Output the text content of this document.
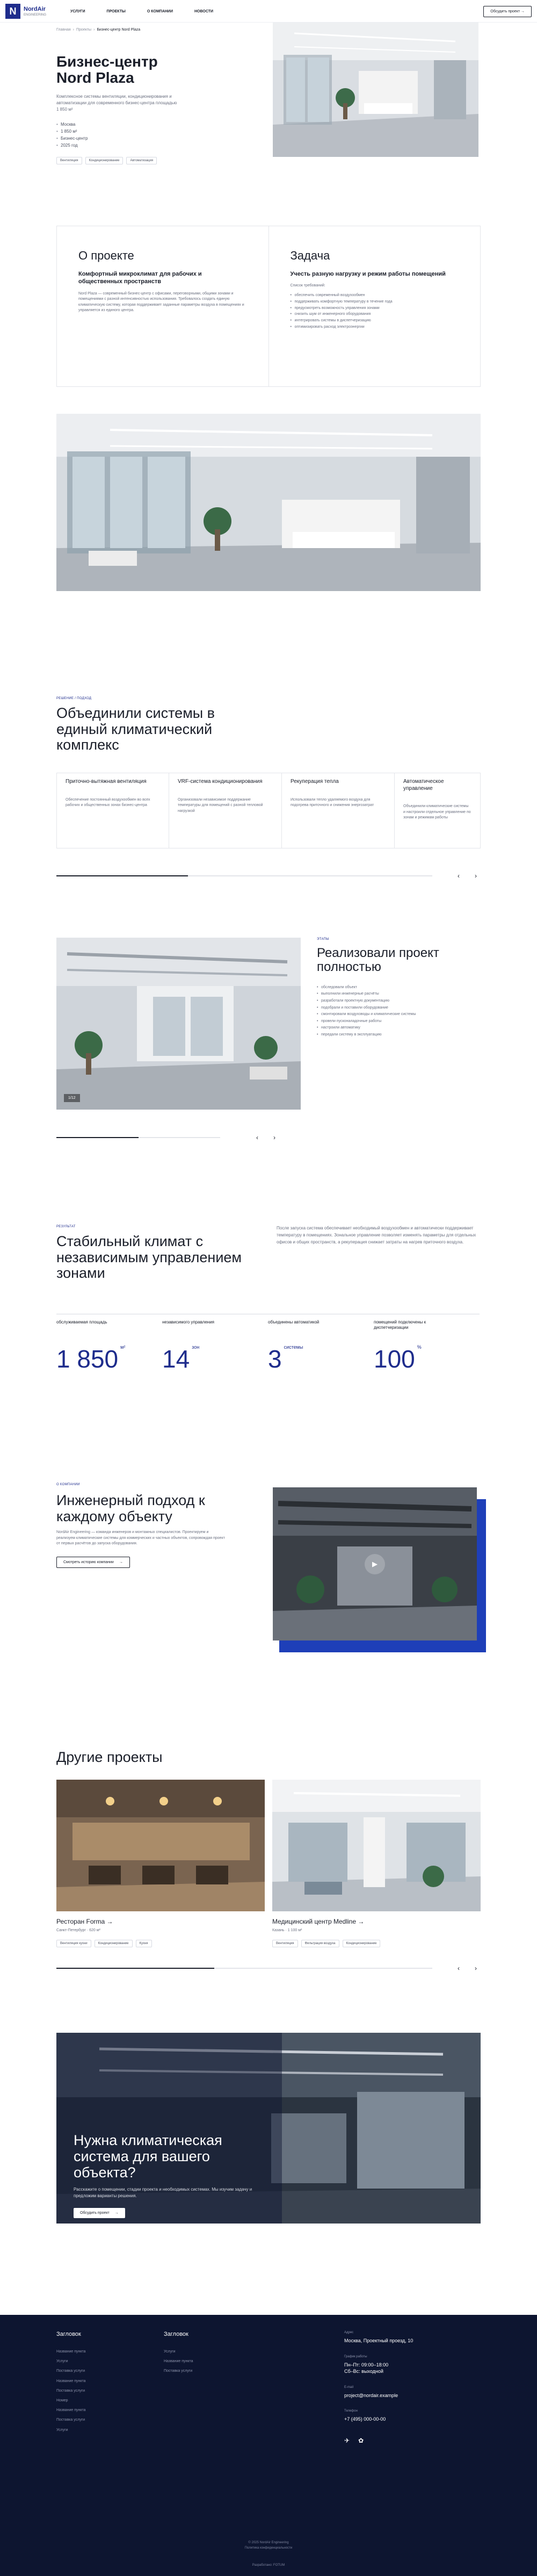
N	NordAir
ENGINEERING
УСЛУГИ	ПРОЕКТЫ	О КОМПАНИИ	НОВОСТИ	Обсудить проект →
Главная › Проекты › Бизнес-центр Nord Plaza
Бизнес-центр Nord Plaza

Комплексное системы вентиляции, кондиционирования и автоматизации для современного бизнес-центра площадью 1 850 м²

• Москва
• 1 850 м²
• Бизнес-центр
• 2025 год
Вентиляция	Кондиционирование	Автоматизация
О проекте

Комфортный микроклимат для рабочих и общественных пространств

Nord Plaza — современный бизнес-центр с офисами, переговорными, общими зонами и помещениями с разной интенсивностью использования. Требовалось создать единую климатическую систему, которая поддерживает заданные параметры воздуха в помещениях и управляется из единого центра.

Задача

Учесть разную нагрузку и режим работы помещений

Список требований:

• обеспечить современный воздухообмен
• поддерживать комфортную температуру в течение года
• предусмотреть возможность управления зонами
• снизить шум от инженерного оборудования
• интегрировать системы в диспетчеризацию
• оптимизировать расход электроэнергии
РЕШЕНИЕ / ПОДХОД
Объединили системы в единый климатический комплекс
Приточно-вытяжная вентиляция
Обеспечение постоянный воздухообмен во всех рабочих и общественных зонах бизнес-центра
VRF-система кондиционирования
Организовали независимое поддержание температуры для помещений с разной тепловой нагрузкой
Рекуперация тепла
Использовали тепло удаляемого воздуха для подогрева приточного и снижения энергозатрат
Автоматическое управление
Объединили климатические системы и настроили отдельное управление по зонам и режимам работы
‹	›
1/12
ЭТАПЫ
Реализовали проект полностью
• обследовали объект
• выполнили инженерные расчёты
• разработали проектную документацию
• подобрали и поставили оборудование
• смонтировали воздуховоды и климатические системы
• провели пусконаладочные работы
• настроили автоматику
• передали систему в эксплуатацию
‹	›
РЕЗУЛЬТАТ
Стабильный климат с независимым управлением зонами

После запуска система обеспечивает необходимый воздухообмен и автоматически поддерживает температуру в помещениях. Зональное управление позволяет изменять параметры для отдельных офисов и общих пространств, а рекуперация снижает затраты на нагрев приточного воздуха.

обслуживаемая площадь
1 850 $^{м^2}$
независимого управления
14 $^{зон}$
объединены автоматикой
3 $^{системы}$
помещений подключены к диспетчеризации
100 %
О КОМПАНИИ
Инженерный подход к каждому объекту

NordAir Engineering — команда инженеров и монтажных специалистов. Проектируем и реализуем климатические системы для коммерческих и частных объектов, сопровождая проект от первых расчётов до запуска оборудования.

Смотреть историю компании →	▶
Другие проекты
Ресторан Forma →
Санкт-Петербург · 620 м²
Вентиляция кухни	Кондиционирование	Кухня
Медицинский центр Medline →
Казань · 1 100 м²
Вентиляция	Фильтрация воздуха	Кондиционирование
‹	›
Нужна климатическая система для вашего объекта?

Расскажите о помещении, стадии проекта и необходимых системах. Мы изучим задачу и предложим варианты решения.

Обсудить проект →
Загловок
Название пункта
Услуги
Поставка услуги
Название пункта
Поставка услуги
Номер
Название пункта
Поставка услуги
Услуги
Загловок
Услуги
Название пункта
Поставка услуги
Адрес
Москва, Проектный проезд, 10
График работы
Пн–Пт: 09:00–18:00
Сб–Вс: выходной
E-mail
project@nordair.example
Телефон
+7 (495) 000-00-00
✈ ✿
© 2025 NordAir Engineering
Политика конфиденциальности
Разработано: FOTUM
